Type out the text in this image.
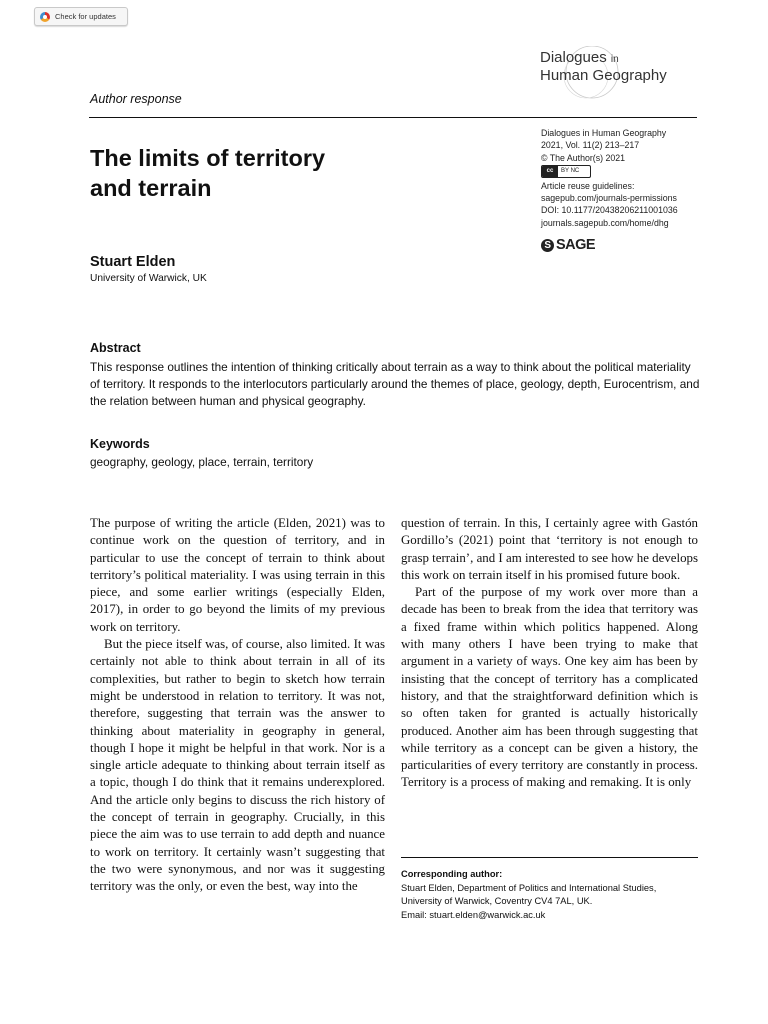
Check for updates
Dialogues in
Human Geography
Author response
The limits of territory
and terrain
Dialogues in Human Geography
2021, Vol. 11(2) 213–217
© The Author(s) 2021
cc	BY NC
Article reuse guidelines:
sagepub.com/journals-permissions
DOI: 10.1177/20438206211001036
journals.sagepub.com/home/dhg
S SAGE
Stuart Elden
University of Warwick, UK
Abstract
This response outlines the intention of thinking critically about terrain as a way to think about the political materiality of territory. It responds to the interlocutors particularly around the themes of place, geology, depth, Eurocentrism, and the relation between human and physical geography.
Keywords
geography, geology, place, terrain, territory

The purpose of writing the article (Elden, 2021) was to continue work on the question of territory, and in particular to use the concept of terrain to think about territory’s political materiality. I was using terrain in this piece, and some earlier writings (especially Elden, 2017), in order to go beyond the limits of my previous work on territory.

But the piece itself was, of course, also limited. It was certainly not able to think about terrain in all of its complexities, but rather to begin to sketch how terrain might be understood in relation to territory. It was not, therefore, suggesting that terrain was the answer to thinking about materiality in geography in general, though I hope it might be helpful in that work. Nor is a single article adequate to thinking about terrain itself as a topic, though I do think that it remains underexplored. And the article only begins to discuss the rich history of the concept of terrain in geography. Crucially, in this piece the aim was to use terrain to add depth and nuance to work on territory. It certainly wasn’t suggesting that the two were synonymous, and nor was it suggesting territory was the only, or even the best, way into the

question of terrain. In this, I certainly agree with Gastón Gordillo’s (2021) point that ‘territory is not enough to grasp terrain’, and I am interested to see how he develops this work on terrain itself in his promised future book.

Part of the purpose of my work over more than a decade has been to break from the idea that territory was a fixed frame within which politics happened. Along with many others I have been trying to make that argument in a variety of ways. One key aim has been by insisting that the concept of territory has a complicated history, and that the straightforward definition which is so often taken for granted is actually historically produced. Another aim has been through suggesting that while territory as a concept can be given a history, the particularities of every territory are constantly in process. Territory is a process of making and remaking. It is only

Corresponding author:
Stuart Elden, Department of Politics and International Studies,
University of Warwick, Coventry CV4 7AL, UK.
Email: stuart.elden@warwick.ac.uk
